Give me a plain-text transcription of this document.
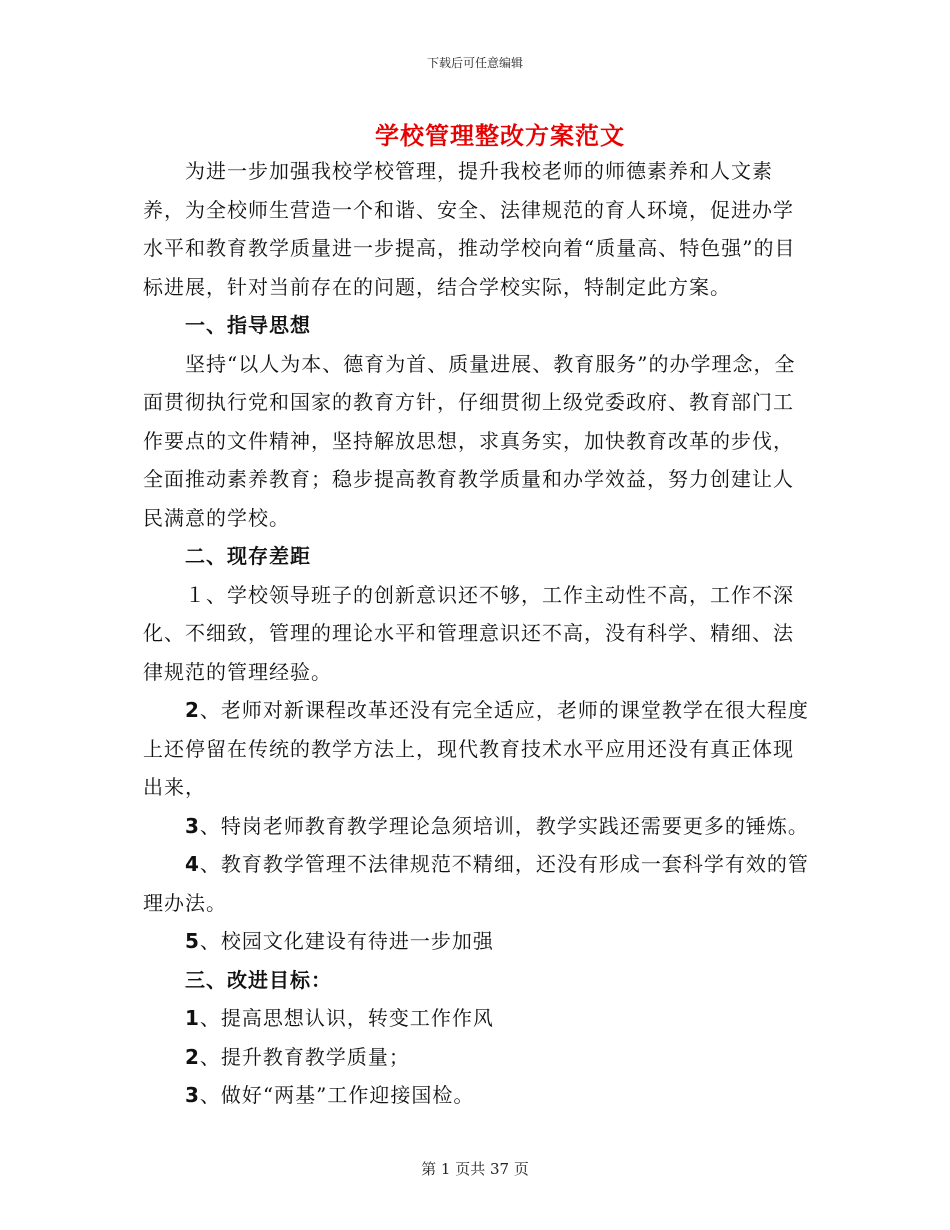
下载后可任意编辑
学校管理整改方案范文

为进一步加强我校学校管理，提升我校老师的师德素养和人文素养，为全校师生营造一个和谐、安全、法律规范的育人环境，促进办学水平和教育教学质量进一步提高，推动学校向着“质量高、特色强”的目标进展，针对当前存在的问题，结合学校实际，特制定此方案。

一、指导思想

坚持“以人为本、德育为首、质量进展、教育服务”的办学理念，全面贯彻执行党和国家的教育方针，仔细贯彻上级党委政府、教育部门工作要点的文件精神，坚持解放思想，求真务实，加快教育改革的步伐，全面推动素养教育；稳步提高教育教学质量和办学效益，努力创建让人民满意的学校。

二、现存差距

１、学校领导班子的创新意识还不够，工作主动性不高，工作不深化、不细致，管理的理论水平和管理意识还不高，没有科学、精细、法律规范的管理经验。

2、老师对新课程改革还没有完全适应，老师的课堂教学在很大程度上还停留在传统的教学方法上，现代教育技术水平应用还没有真正体现出来，

3、特岗老师教育教学理论急须培训，教学实践还需要更多的锤炼。

4、教育教学管理不法律规范不精细，还没有形成一套科学有效的管理办法。

5、校园文化建设有待进一步加强

三、改进目标：

1、提高思想认识，转变工作作风

2、提升教育教学质量；

3、做好“两基”工作迎接国检。

第 1 页共 37 页
